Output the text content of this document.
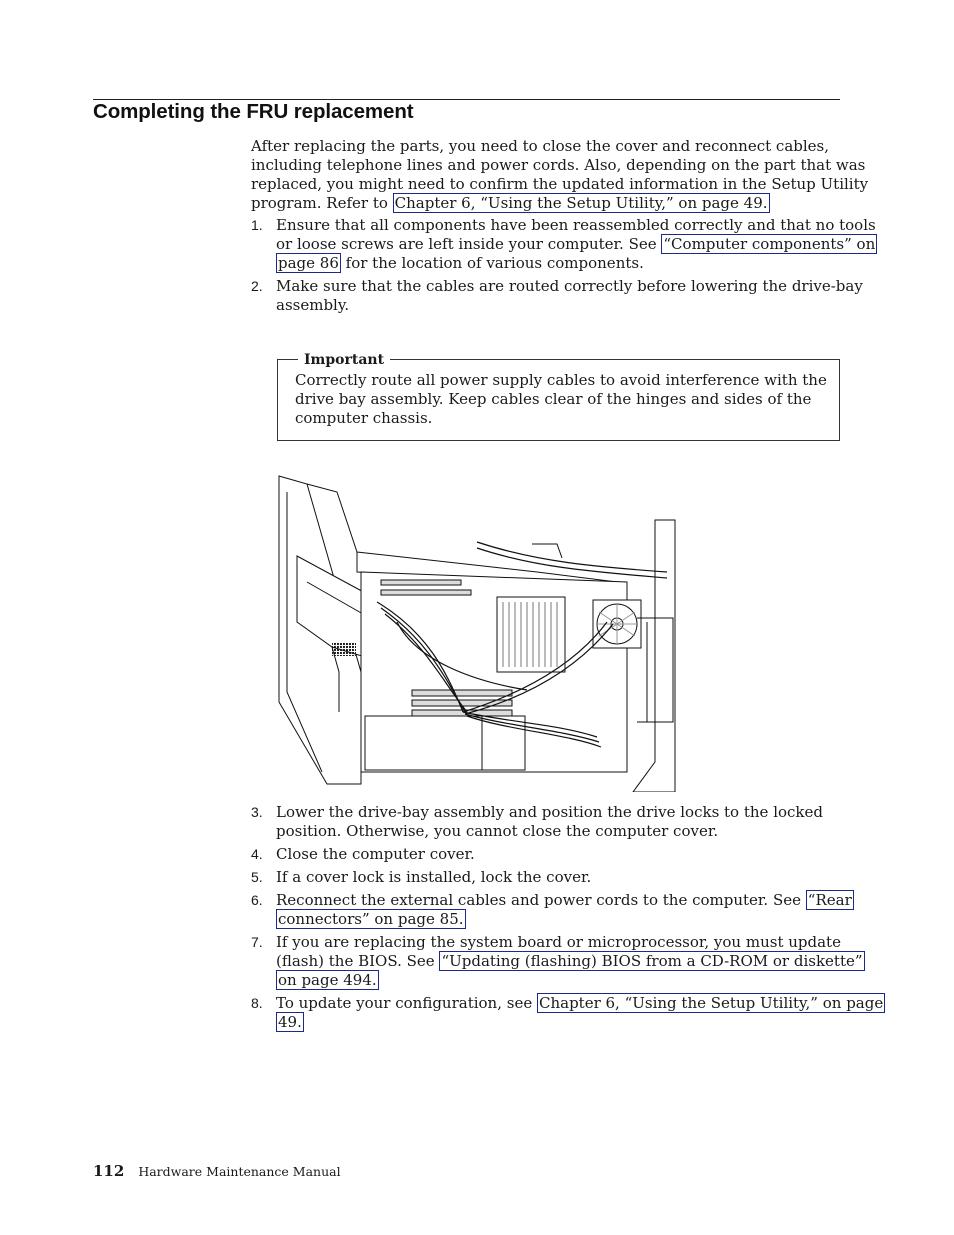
Completing the FRU replacement
After replacing the parts, you need to close the cover and reconnect cables,
including telephone lines and power cords. Also, depending on the part that was
replaced, you might need to confirm the updated information in the Setup Utility
program. Refer to Chapter 6, “Using the Setup Utility,” on page 49.
1. Ensure that all components have been reassembled correctly and that no tools
or loose screws are left inside your computer. See “Computer components” on
page 86 for the location of various components.
2. Make sure that the cables are routed correctly before lowering the drive-bay
assembly.
Important
Correctly route all power supply cables to avoid interference with the
drive bay assembly. Keep cables clear of the hinges and sides of the
computer chassis.
3. Lower the drive-bay assembly and position the drive locks to the locked
position. Otherwise, you cannot close the computer cover.
4. Close the computer cover.
5. If a cover lock is installed, lock the cover.
6. Reconnect the external cables and power cords to the computer. See “Rear
connectors” on page 85.
7. If you are replacing the system board or microprocessor, you must update
(flash) the BIOS. See “Updating (flashing) BIOS from a CD-ROM or diskette”
on page 494.
8. To update your configuration, see Chapter 6, “Using the Setup Utility,” on page
49.
112 Hardware Maintenance Manual
